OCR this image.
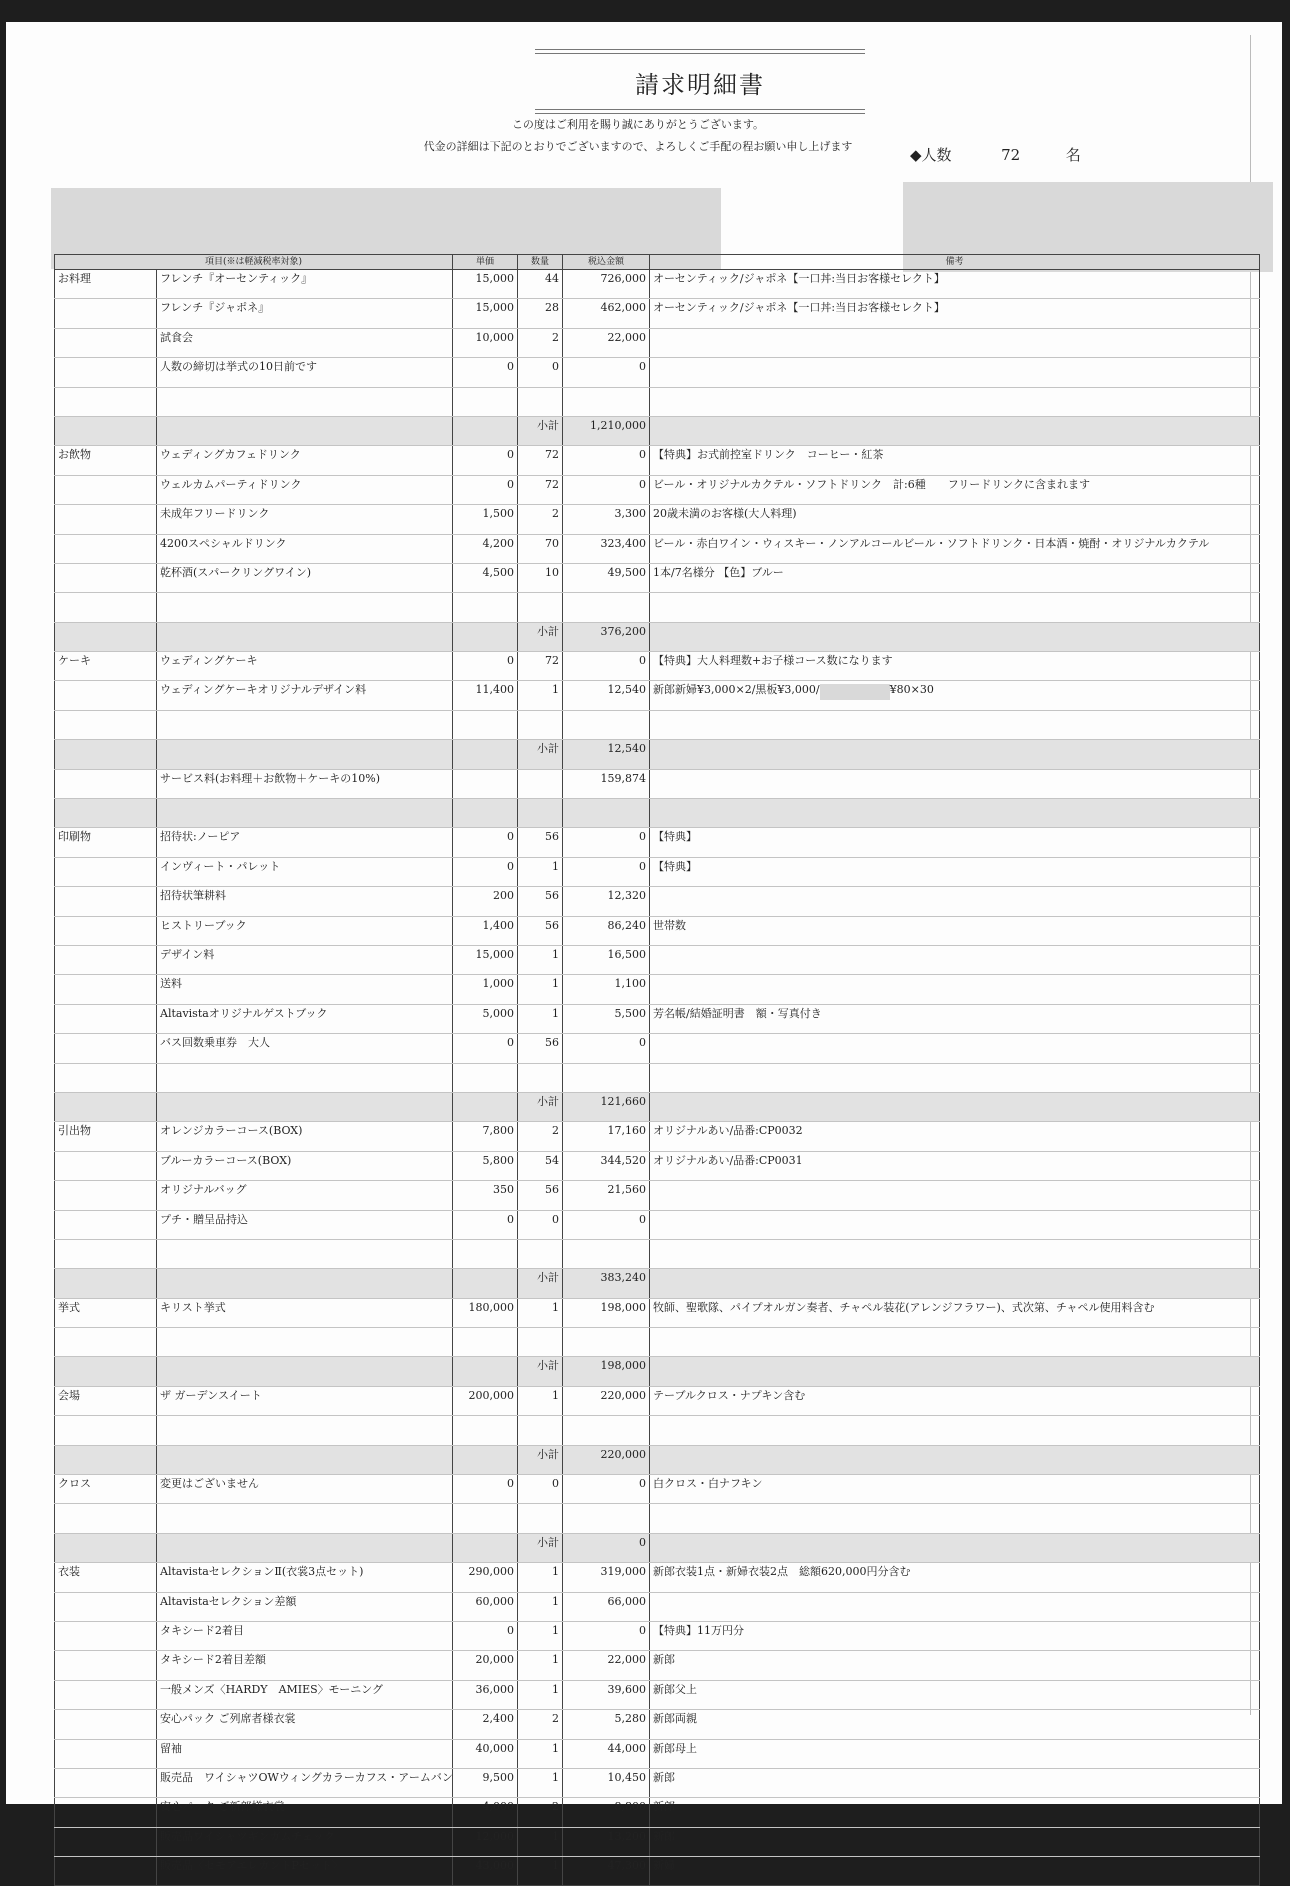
請求明細書
この度はご利用を賜り誠にありがとうございます。
代金の詳細は下記のとおりでございますので、よろしくご手配の程お願い申し上げます	◆人数	72	名
項目(※は軽減税率対象)		単価	数量	税込金額	備考
お料理	フレンチ『オーセンティック』	15,000	44	726,000	オーセンティック/ジャポネ【一口丼:当日お客様セレクト】
	フレンチ『ジャポネ』	15,000	28	462,000	オーセンティック/ジャポネ【一口丼:当日お客様セレクト】
	試食会	10,000	2	22,000	
	人数の締切は挙式の10日前です	0	0	0	

			小計	1,210,000	
お飲物	ウェディングカフェドリンク	0	72	0	【特典】お式前控室ドリンク　コーヒー・紅茶
	ウェルカムパーティドリンク	0	72	0	ビール・オリジナルカクテル・ソフトドリンク　計:6種　　フリードリンクに含まれます
	未成年フリードリンク	1,500	2	3,300	20歳未満のお客様(大人料理)
	4200スペシャルドリンク	4,200	70	323,400	ビール・赤白ワイン・ウィスキー・ノンアルコールビール・ソフトドリンク・日本酒・焼酎・オリジナルカクテル
	乾杯酒(スパークリングワイン)	4,500	10	49,500	1本/7名様分 【色】ブルー

			小計	376,200	
ケーキ	ウェディングケーキ	0	72	0	【特典】大人料理数+お子様コース数になります
	ウェディングケーキオリジナルデザイン料	11,400	1	12,540	新郎新婦¥3,000×2/黒板¥3,000/ ¥80×30

			小計	12,540	
	サービス料(お料理＋お飲物＋ケーキの10%)			159,874	

印刷物	招待状:ノーピア	0	56	0	【特典】
	インヴィート・パレット	0	1	0	【特典】
	招待状筆耕料	200	56	12,320	
	ヒストリーブック	1,400	56	86,240	世帯数
	デザイン料	15,000	1	16,500	
	送料	1,000	1	1,100	
	Altavistaオリジナルゲストブック	5,000	1	5,500	芳名帳/結婚証明書　額・写真付き
	バス回数乗車券　大人	0	56	0	

			小計	121,660	
引出物	オレンジカラーコース(BOX)	7,800	2	17,160	オリジナルあい/品番:CP0032
	ブルーカラーコース(BOX)	5,800	54	344,520	オリジナルあい/品番:CP0031
	オリジナルバッグ	350	56	21,560	
	プチ・贈呈品持込	0	0	0	

			小計	383,240	
挙式	キリスト挙式	180,000	1	198,000	牧師、聖歌隊、パイプオルガン奏者、チャペル装花(アレンジフラワー)、式次第、チャペル使用料含む

			小計	198,000	
会場	ザ ガーデンスイート	200,000	1	220,000	テーブルクロス・ナプキン含む

			小計	220,000	
クロス	変更はございません	0	0	0	白クロス・白ナフキン

			小計	0	
衣装	AltavistaセレクションⅡ(衣裳3点セット)	290,000	1	319,000	新郎衣装1点・新婦衣装2点　総額620,000円分含む
	Altavistaセレクション差額	60,000	1	66,000	
	タキシード2着目	0	1	0	【特典】11万円分
	タキシード2着目差額	20,000	1	22,000	新郎
	一般メンズ〈HARDY　AMIES〉モーニング	36,000	1	39,600	新郎父上
	安心パック ご列席者様衣裳	2,400	2	5,280	新郎両親
	留袖	40,000	1	44,000	新郎母上
	販売品　ワイシャツOWウィングカラーカフス・アームバン	9,500	1	10,450	新郎
	安心パック ご新郎様衣裳	4,000	2	8,800	新郎
	販売品ワイシャツギンガムチェック	12,000	1	13,200	新郎
	販売品〈セモアエレガントPセット〉	43,000	1	47,300	新婦
